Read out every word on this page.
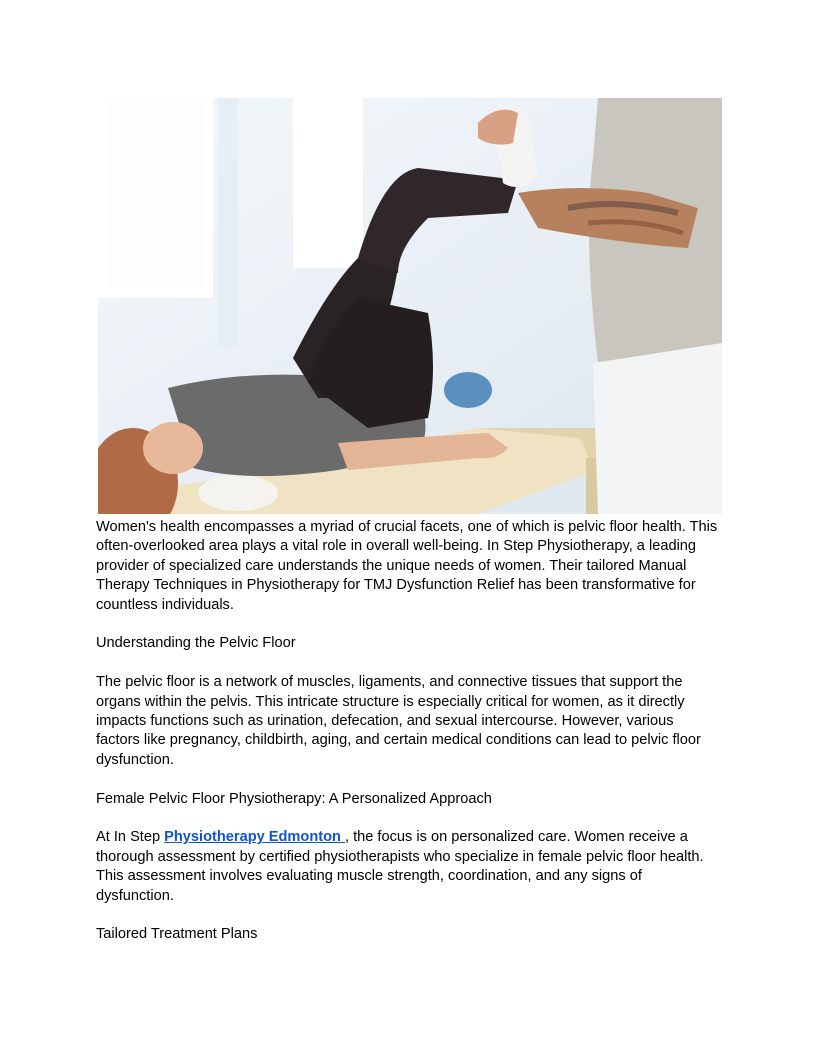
Women's health encompasses a myriad of crucial facets, one of which is pelvic floor health. This often-overlooked area plays a vital role in overall well-being. In Step Physiotherapy, a leading provider of specialized care understands the unique needs of women. Their tailored Manual Therapy Techniques in Physiotherapy for TMJ Dysfunction Relief has been transformative for countless individuals.

Understanding the Pelvic Floor

The pelvic floor is a network of muscles, ligaments, and connective tissues that support the organs within the pelvis. This intricate structure is especially critical for women, as it directly impacts functions such as urination, defecation, and sexual intercourse. However, various factors like pregnancy, childbirth, aging, and certain medical conditions can lead to pelvic floor dysfunction.

Female Pelvic Floor Physiotherapy: A Personalized Approach

At In Step Physiotherapy Edmonton , the focus is on personalized care. Women receive a thorough assessment by certified physiotherapists who specialize in female pelvic floor health. This assessment involves evaluating muscle strength, coordination, and any signs of dysfunction.

Tailored Treatment Plans
